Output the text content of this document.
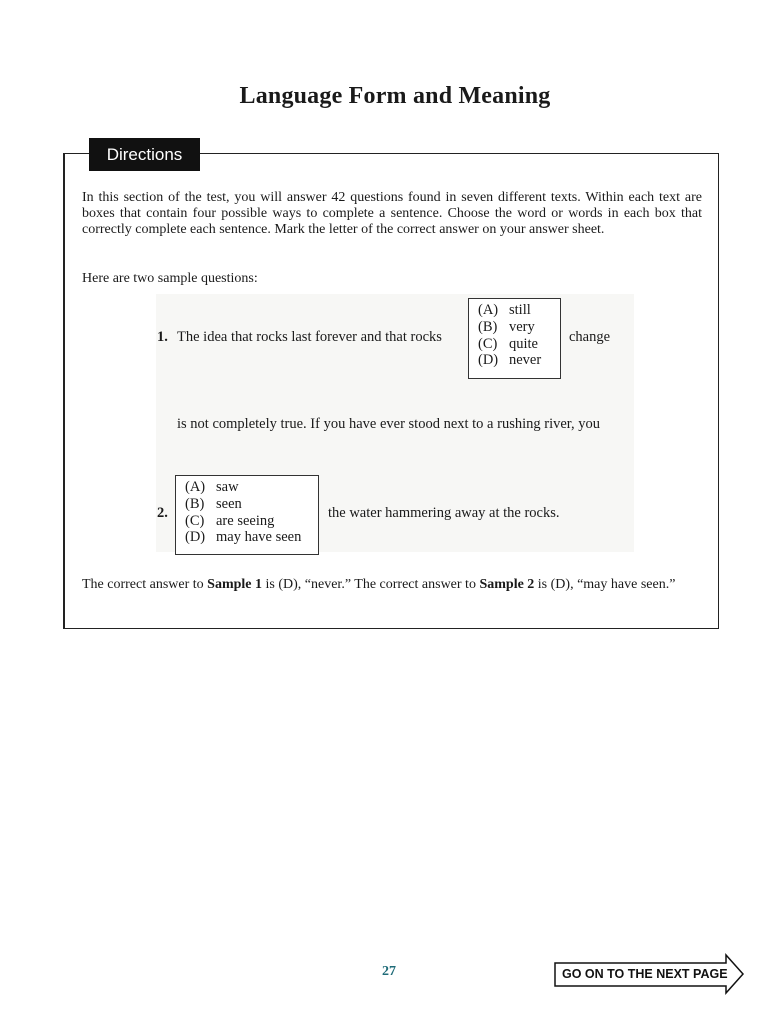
Language Form and Meaning
Directions

In this section of the test, you will answer 42 questions found in seven different texts. Within each text are boxes that contain four possible ways to complete a sentence. Choose the word or words in each box that correctly complete each sentence. Mark the letter of the correct answer on your answer sheet.

Here are two sample questions:

1. The idea that rocks last forever and that rocks
(A) still
(B) very
(C) quite
(D) never
change
is not completely true. If you have ever stood next to a rushing river, you
2.
(A) saw
(B) seen
(C) are seeing
(D) may have seen
the water hammering away at the rocks.

The correct answer to Sample 1 is (D), “never.” The correct answer to Sample 2 is (D), “may have seen.”

27	GO ON TO THE NEXT PAGE
